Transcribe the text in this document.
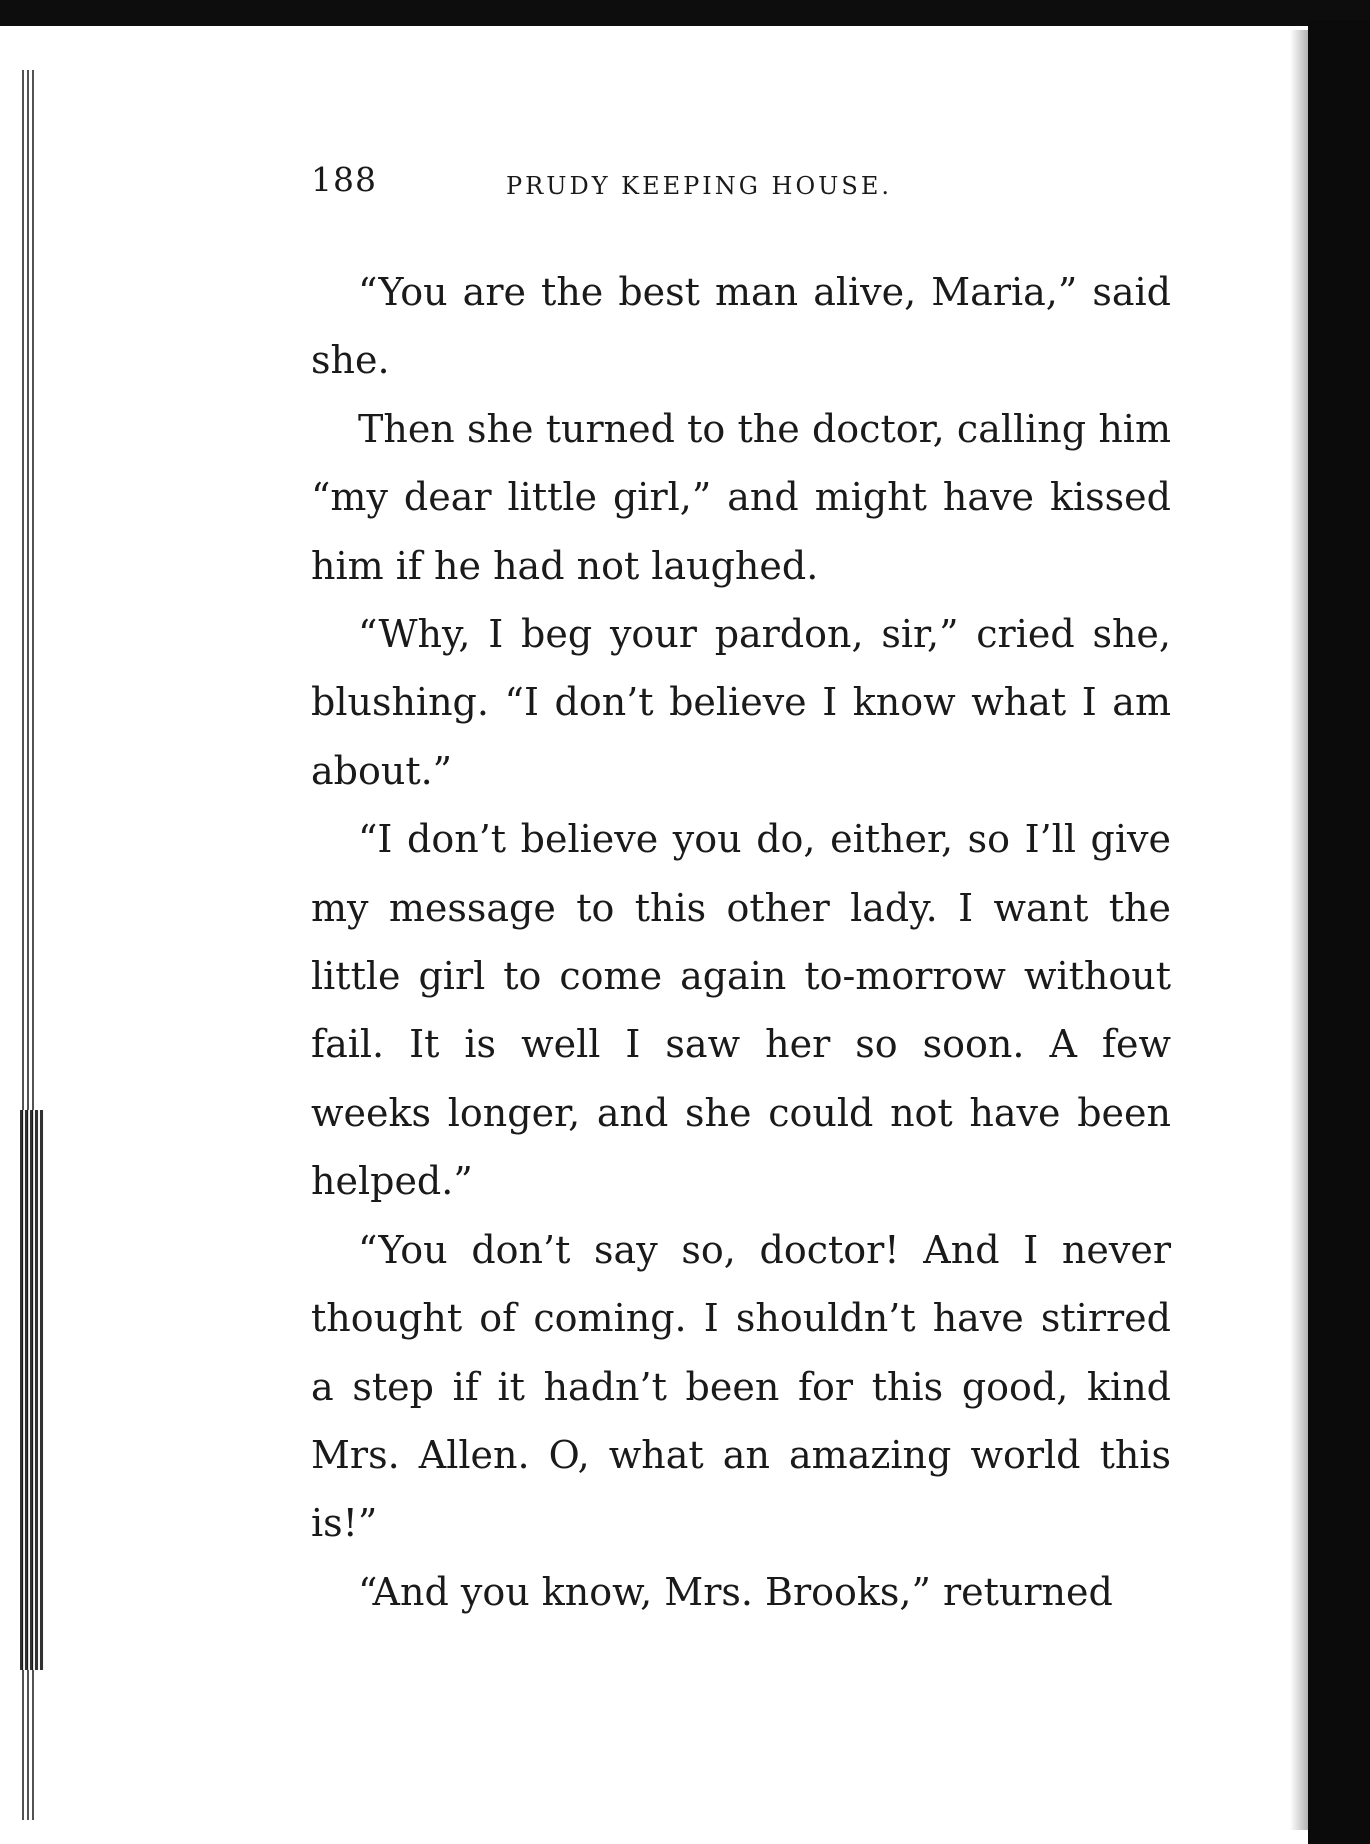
188	PRUDY KEEPING HOUSE.

“You are the best man alive, Maria,” said she.

Then she turned to the doctor, calling him “my dear little girl,” and might have kissed him if he had not laughed.

“Why, I beg your pardon, sir,” cried she, blushing. “I don’t believe I know what I am about.”

“I don’t believe you do, either, so I’ll give my message to this other lady. I want the little girl to come again to-morrow without fail. It is well I saw her so soon. A few weeks longer, and she could not have been helped.”

“You don’t say so, doctor! And I never thought of coming. I shouldn’t have stirred a step if it hadn’t been for this good, kind Mrs. Allen. O, what an amazing world this is!”

“And you know, Mrs. Brooks,” returned
